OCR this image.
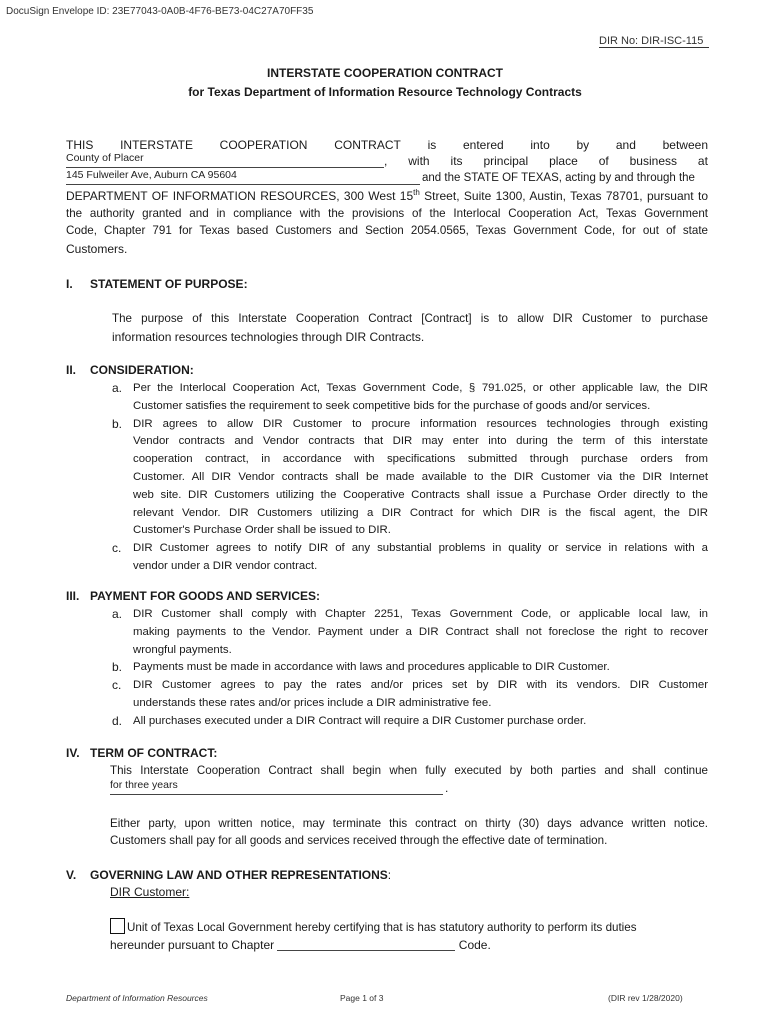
DocuSign Envelope ID: 23E77043-0A0B-4F76-BE73-04C27A70FF35
DIR No: DIR-ISC-115
INTERSTATE COOPERATION CONTRACT
for Texas Department of Information Resource Technology Contracts
THIS INTERSTATE COOPERATION CONTRACT is entered into by and between
County of Placer	, with its principal place of business at
145 Fulweiler Ave, Auburn CA 95604	and the STATE OF TEXAS, acting by and through the
DEPARTMENT OF INFORMATION RESOURCES, 300 West 15th Street, Suite 1300, Austin, Texas 78701, pursuant to
the authority granted and in compliance with the provisions of the Interlocal Cooperation Act, Texas Government
Code, Chapter 791 for Texas based Customers and Section 2054.0565, Texas Government Code, for out of state
Customers.
I. STATEMENT OF PURPOSE:
The purpose of this Interstate Cooperation Contract [Contract] is to allow DIR Customer to purchase
information resources technologies through DIR Contracts.
II. CONSIDERATION:
a. Per the Interlocal Cooperation Act, Texas Government Code, § 791.025, or other applicable law, the DIR
Customer satisfies the requirement to seek competitive bids for the purchase of goods and/or services.
b. DIR agrees to allow DIR Customer to procure information resources technologies through existing
Vendor contracts and Vendor contracts that DIR may enter into during the term of this interstate
cooperation contract, in accordance with specifications submitted through purchase orders from
Customer. All DIR Vendor contracts shall be made available to the DIR Customer via the DIR Internet
web site. DIR Customers utilizing the Cooperative Contracts shall issue a Purchase Order directly to the
relevant Vendor. DIR Customers utilizing a DIR Contract for which DIR is the fiscal agent, the DIR
Customer's Purchase Order shall be issued to DIR.
c. DIR Customer agrees to notify DIR of any substantial problems in quality or service in relations with a
vendor under a DIR vendor contract.
III. PAYMENT FOR GOODS AND SERVICES:
a. DIR Customer shall comply with Chapter 2251, Texas Government Code, or applicable local law, in
making payments to the Vendor. Payment under a DIR Contract shall not foreclose the right to recover
wrongful payments.
b. Payments must be made in accordance with laws and procedures applicable to DIR Customer.
c. DIR Customer agrees to pay the rates and/or prices set by DIR with its vendors. DIR Customer
understands these rates and/or prices include a DIR administrative fee.
d. All purchases executed under a DIR Contract will require a DIR Customer purchase order.
IV. TERM OF CONTRACT:
This Interstate Cooperation Contract shall begin when fully executed by both parties and shall continue
for three years	.
Either party, upon written notice, may terminate this contract on thirty (30) days advance written notice.
Customers shall pay for all goods and services received through the effective date of termination.
V. GOVERNING LAW AND OTHER REPRESENTATIONS:
DIR Customer:
Unit of Texas Local Government hereby certifying that is has statutory authority to perform its duties
hereunder pursuant to Chapter	Code.
Department of Information Resources	Page 1 of 3	(DIR rev 1/28/2020)
